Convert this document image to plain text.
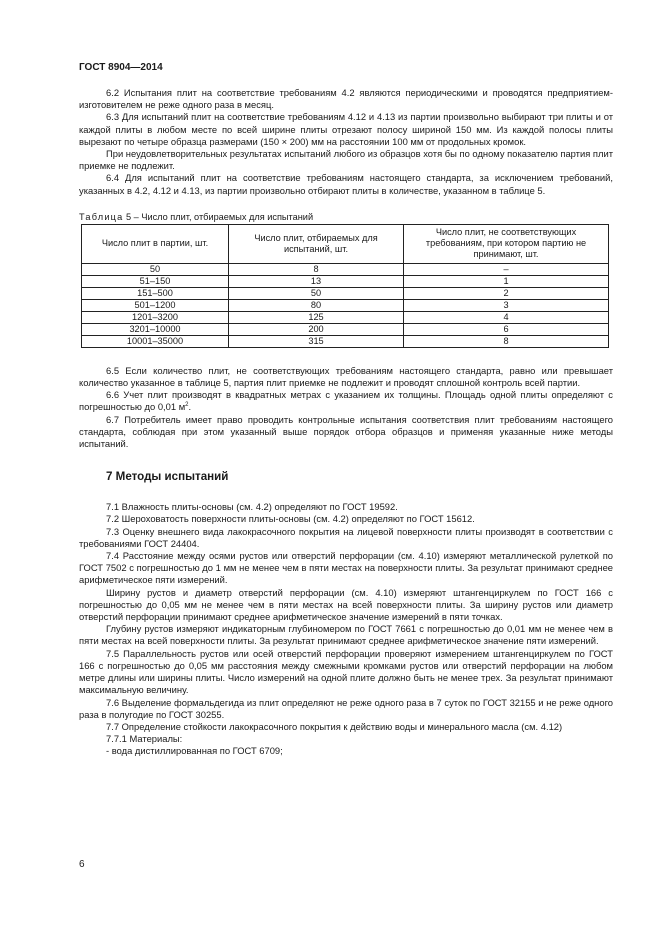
ГОСТ 8904—2014

6.2 Испытания плит на соответствие требованиям 4.2 являются периодическими и проводятся предприятием-изготовителем не реже одного раза в месяц.

6.3 Для испытаний плит на соответствие требованиям 4.12 и 4.13 из партии произвольно выбирают три плиты и от каждой плиты в любом месте по всей ширине плиты отрезают полосу шириной 150 мм. Из каждой полосы плиты вырезают по четыре образца размерами (150 × 200) мм на расстоянии 100 мм от продольных кромок.

При неудовлетворительных результатах испытаний любого из образцов хотя бы по одному показателю партия плит приемке не подлежит.

6.4 Для испытаний плит на соответствие требованиям настоящего стандарта, за исключением требований, указанных в 4.2, 4.12 и 4.13, из партии произвольно отбирают плиты в количестве, указанном в таблице 5.

Таблица 5 – Число плит, отбираемых для испытаний
Число плит в партии, шт.	Число плит, отбираемых для испытаний, шт.	Число плит, не соответствующих требованиям, при котором партию не принимают, шт.
50	8	–
51–150	13	1
151–500	50	2
501–1200	80	3
1201–3200	125	4
3201–10000	200	6
10001–35000	315	8

6.5 Если количество плит, не соответствующих требованиям настоящего стандарта, равно или превышает количество указанное в таблице 5, партия плит приемке не подлежит и проводят сплошной контроль всей партии.

6.6 Учет плит производят в квадратных метрах с указанием их толщины. Площадь одной плиты определяют с погрешностью до 0,01 $м^2$.

6.7 Потребитель имеет право проводить контрольные испытания соответствия плит требованиям настоящего стандарта, соблюдая при этом указанный выше порядок отбора образцов и применяя указанные ниже методы испытаний.

7 Методы испытаний

7.1 Влажность плиты-основы (см. 4.2) определяют по ГОСТ 19592.

7.2 Шероховатость поверхности плиты-основы (см. 4.2) определяют по ГОСТ 15612.

7.3 Оценку внешнего вида лакокрасочного покрытия на лицевой поверхности плиты производят в соответствии с требованиями ГОСТ 24404.

7.4 Расстояние между осями рустов или отверстий перфорации (см. 4.10) измеряют металлической рулеткой по ГОСТ 7502 с погрешностью до 1 мм не менее чем в пяти местах на поверхности плиты. За результат принимают среднее арифметическое пяти измерений.

Ширину рустов и диаметр отверстий перфорации (см. 4.10) измеряют штангенциркулем по ГОСТ 166 с погрешностью до 0,05 мм не менее чем в пяти местах на всей поверхности плиты. За ширину рустов или диаметр отверстий перфорации принимают среднее арифметическое значение измерений в пяти точках.

Глубину рустов измеряют индикаторным глубиномером по ГОСТ 7661 с погрешностью до 0,01 мм не менее чем в пяти местах на всей поверхности плиты. За результат принимают среднее арифметическое значение пяти измерений.

7.5 Параллельность рустов или осей отверстий перфорации проверяют измерением штангенциркулем по ГОСТ 166 с погрешностью до 0,05 мм расстояния между смежными кромками рустов или отверстий перфорации на любом метре длины или ширины плиты. Число измерений на одной плите должно быть не менее трех. За результат принимают максимальную величину.

7.6 Выделение формальдегида из плит определяют не реже одного раза в 7 суток по ГОСТ 32155 и не реже одного раза в полугодие по ГОСТ 30255.

7.7 Определение стойкости лакокрасочного покрытия к действию воды и минерального масла (см. 4.12)

7.7.1 Материалы:

- вода дистиллированная по ГОСТ 6709;

6
